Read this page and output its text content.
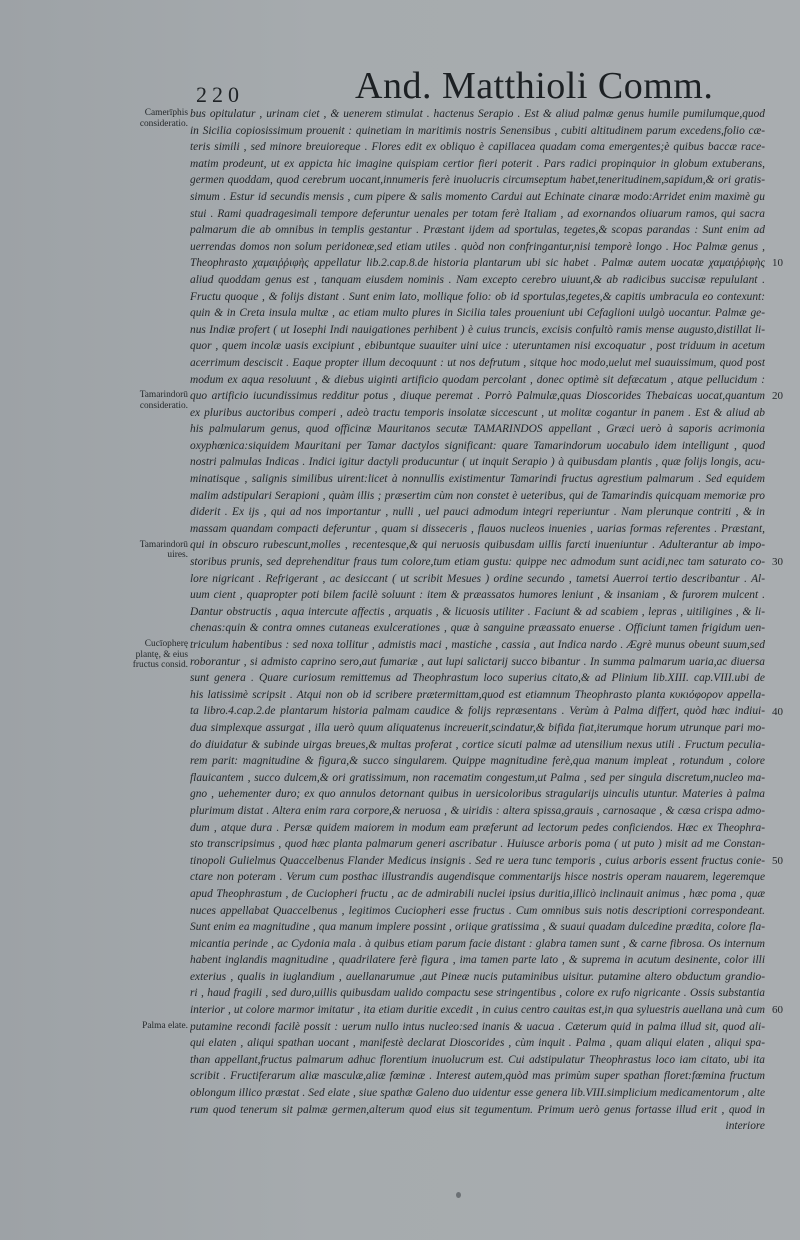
220	And. Matthioli Comm.
Camerīphis consideratio.
Tamarindorū consideratio.
Tamarindorū uires.
Cucīopherę plantę, & eius fructus consid.
Palma elate.
10
20
30
40
50
60
bus opitulatur , urinam ciet , & uenerem stimulat . hactenus Serapio . Est & aliud palmæ genus humile pumilumque,quod
in Sicilia copiosissimum prouenit : quinetiam in maritimis nostris Senensibus , cubiti altitudinem parum excedens,folio cæ-
teris simili , sed minore breuioreque . Flores edit ex obliquo è capillacea quadam coma emergentes;è quibus baccæ race-
matim prodeunt, ut ex appicta hic imagine quispiam certior fieri poterit . Pars radici propinquior in globum extuberans,
germen quoddam, quod cerebrum uocant,innumeris ferè inuolucris circumseptum habet,teneritudinem,sapidum,& ori gratis-
simum . Estur id secundis mensis , cum pipere & salis momento Cardui aut Echinate cinaræ modo:Arridet enim maximè gu
stui . Rami quadragesimali tempore deferuntur uenales per totam ferè Italiam , ad exornandos oliuarum ramos, qui sacra
palmarum die ab omnibus in templis gestantur . Præstant ijdem ad sportulas, tegetes,& scopas parandas : Sunt enim ad
uerrendas domos non solum peridoneæ,sed etiam utiles . quòd non confringantur,nisi temporè longo . Hoc Palmæ genus ,
Theophrasto χαμαιῤῥιφὴς appellatur lib.2.cap.8.de historia plantarum ubi sic habet . Palmæ autem uocatæ χαμαιῤῥιφὴς
aliud quoddam genus est , tanquam eiusdem nominis . Nam excepto cerebro uiuunt,& ab radicibus succisæ repululant .
Fructu quoque , & folijs distant . Sunt enim lato, mollique folio: ob id sportulas,tegetes,& capitis umbracula eo contexunt:
quin & in Creta insula multæ , ac etiam multo plures in Sicilia tales proueniunt ubi Cefaglioni uulgò uocantur. Palmæ ge-
nus Indiæ profert ( ut Iosephi Indi nauigationes perhibent ) è cuius truncis, excisis confultò ramis mense augusto,distillat li-
quor , quem incolæ uasis excipiunt , ebibuntque suauiter uini uice : uteruntamen nisi excoquatur , post triduum in acetum
acerrimum desciscit . Eaque propter illum decoquunt : ut nos defrutum , sitque hoc modo,uelut mel suauissimum, quod post
modum ex aqua resoluunt , & diebus uiginti artificio quodam percolant , donec optimè sit defæcatum , atque pellucidum :
quo artificio iucundissimus redditur potus , diuque peremat . Porrò Palmulæ,quas Dioscorides Thebaicas uocat,quantum
ex pluribus auctoribus comperi , adeò tractu temporis insolatæ siccescunt , ut molitæ cogantur in panem . Est & aliud ab
his palmularum genus, quod officinæ Mauritanos secutæ TAMARINDOS appellant , Græci uerò à saporis acrimonia
oxyphœnica:siquidem Mauritani per Tamar dactylos significant: quare Tamarindorum uocabulo idem intelligunt , quod
nostri palmulas Indicas . Indici igitur dactyli producuntur ( ut inquit Serapio ) à quibusdam plantis , quæ folijs longis, acu-
minatisque , salignis similibus uirent:licet à nonnullis existimentur Tamarindi fructus agrestium palmarum . Sed equidem
malim adstipulari Serapioni , quàm illis ; præsertim cùm non constet è ueteribus, qui de Tamarindis quicquam memoriæ pro
diderit . Ex ijs , qui ad nos importantur , nulli , uel pauci admodum integri reperiuntur . Nam plerunque contriti , & in
massam quandam compacti deferuntur , quam si disseceris , flauos nucleos inuenies , uarias formas referentes . Præstant,
qui in obscuro rubescunt,molles , recentesque,& qui neruosis quibusdam uillis farcti inueniuntur . Adulterantur ab impo-
storibus prunis, sed deprehenditur fraus tum colore,tum etiam gustu: quippe nec admodum sunt acidi,nec tam saturato co-
lore nigricant . Refrigerant , ac desiccant ( ut scribit Mesues ) ordine secundo , tametsi Auerroi tertio describantur . Al-
uum cient , quapropter poti bilem facilè soluunt : item & præassatos humores leniunt , & insaniam , & furorem mulcent .
Dantur obstructis , aqua intercute affectis , arquatis , & licuosis utiliter . Faciunt & ad scabiem , lepras , uitiligines , & li-
chenas:quin & contra omnes cutaneas exulcerationes , quæ à sanguine præassato enuerse . Officiunt tamen frigidum uen-
triculum habentibus : sed noxa tollitur , admistis maci , mastiche , cassia , aut Indica nardo . Ægrè munus obeunt suum,sed
roborantur , si admisto caprino sero,aut fumariæ , aut lupi salictarij succo bibantur . In summa palmarum uaria,ac diuersa
sunt genera . Quare curiosum remittemus ad Theophrastum loco superius citato,& ad Plinium lib.XIII. cap.VIII.ubi de
his latissimè scripsit . Atqui non ob id scribere prætermittam,quod est etiamnum Theophrasto planta κυκιόφορον appella-
ta libro.4.cap.2.de plantarum historia palmam caudice & folijs repræsentans . Verùm à Palma differt, quòd hæc indiui-
dua simplexque assurgat , illa uerò quum aliquatenus increuerit,scindatur,& bifida fiat,iterumque horum utrunque pari mo-
do diuidatur & subinde uirgas breues,& multas proferat , cortice sicuti palmæ ad utensilium nexus utili . Fructum peculia-
rem parit: magnitudine & figura,& succo singularem. Quippe magnitudine ferè,qua manum impleat , rotundum , colore
flauicantem , succo dulcem,& ori gratissimum, non racematim congestum,ut Palma , sed per singula discretum,nucleo ma-
gno , uehementer duro; ex quo annulos detornant quibus in uersicoloribus stragularijs uinculis utuntur. Materies à palma
plurimum distat . Altera enim rara corpore,& neruosa , & uiridis : altera spissa,grauis , carnosaque , & cæsa crispa admo-
dum , atque dura . Persæ quidem maiorem in modum eam præferunt ad lectorum pedes conficiendos. Hæc ex Theophra-
sto transcripsimus , quod hæc planta palmarum generi ascribatur . Huiusce arboris poma ( ut puto ) misit ad me Constan-
tinopoli Gulielmus Quaccelbenus Flander Medicus insignis . Sed re uera tunc temporis , cuius arboris essent fructus conie-
ctare non poteram . Verum cum posthac illustrandis augendisque commentarijs hisce nostris operam nauarem, legeremque
apud Theophrastum , de Cuciopheri fructu , ac de admirabili nuclei ipsius duritia,illicò inclinauit animus , hæc poma , quæ
nuces appellabat Quaccelbenus , legitimos Cuciopheri esse fructus . Cum omnibus suis notis descriptioni correspondeant.
Sunt enim ea magnitudine , qua manum implere possint , oriique gratissima , & suaui quadam dulcedine prædita, colore fla-
micantia perinde , ac Cydonia mala . à quibus etiam parum facie distant : glabra tamen sunt , & carne fibrosa. Os internum
habent inglandis magnitudine , quadrilatere ferè figura , ima tamen parte lato , & suprema in acutum desinente, color illi
exterius , qualis in iuglandium , auellanarumue ,aut Pineæ nucis putaminibus uisitur. putamine altero obductum grandio-
ri , haud fragili , sed duro,uillis quibusdam ualido compactu sese stringentibus , colore ex rufo nigricante . Ossis substantia
interior , ut colore marmor imitatur , ita etiam duritie excedit , in cuius centro cauitas est,in qua syluestris auellana unà cum
putamine recondi facilè possit : uerum nullo intus nucleo:sed inanis & uacua . Cæterum quid in palma illud sit, quod ali-
qui elaten , aliqui spathan uocant , manifestè declarat Dioscorides , cùm inquit . Palma , quam aliqui elaten , aliqui spa-
than appellant,fructus palmarum adhuc florentium inuolucrum est. Cui adstipulatur Theophrastus loco iam citato, ubi ita
scribit . Fructiferarum aliæ masculæ,aliæ fœminæ . Interest autem,quòd mas primùm super spathan floret:fœmina fructum
oblongum illico præstat . Sed elate , siue spathæ Galeno duo uidentur esse genera lib.VIII.simplicium medicamentorum , alte
rum quod tenerum sit palmæ germen,alterum quod eius sit tegumentum. Primum uerò genus fortasse illud erit , quod in
interiore
